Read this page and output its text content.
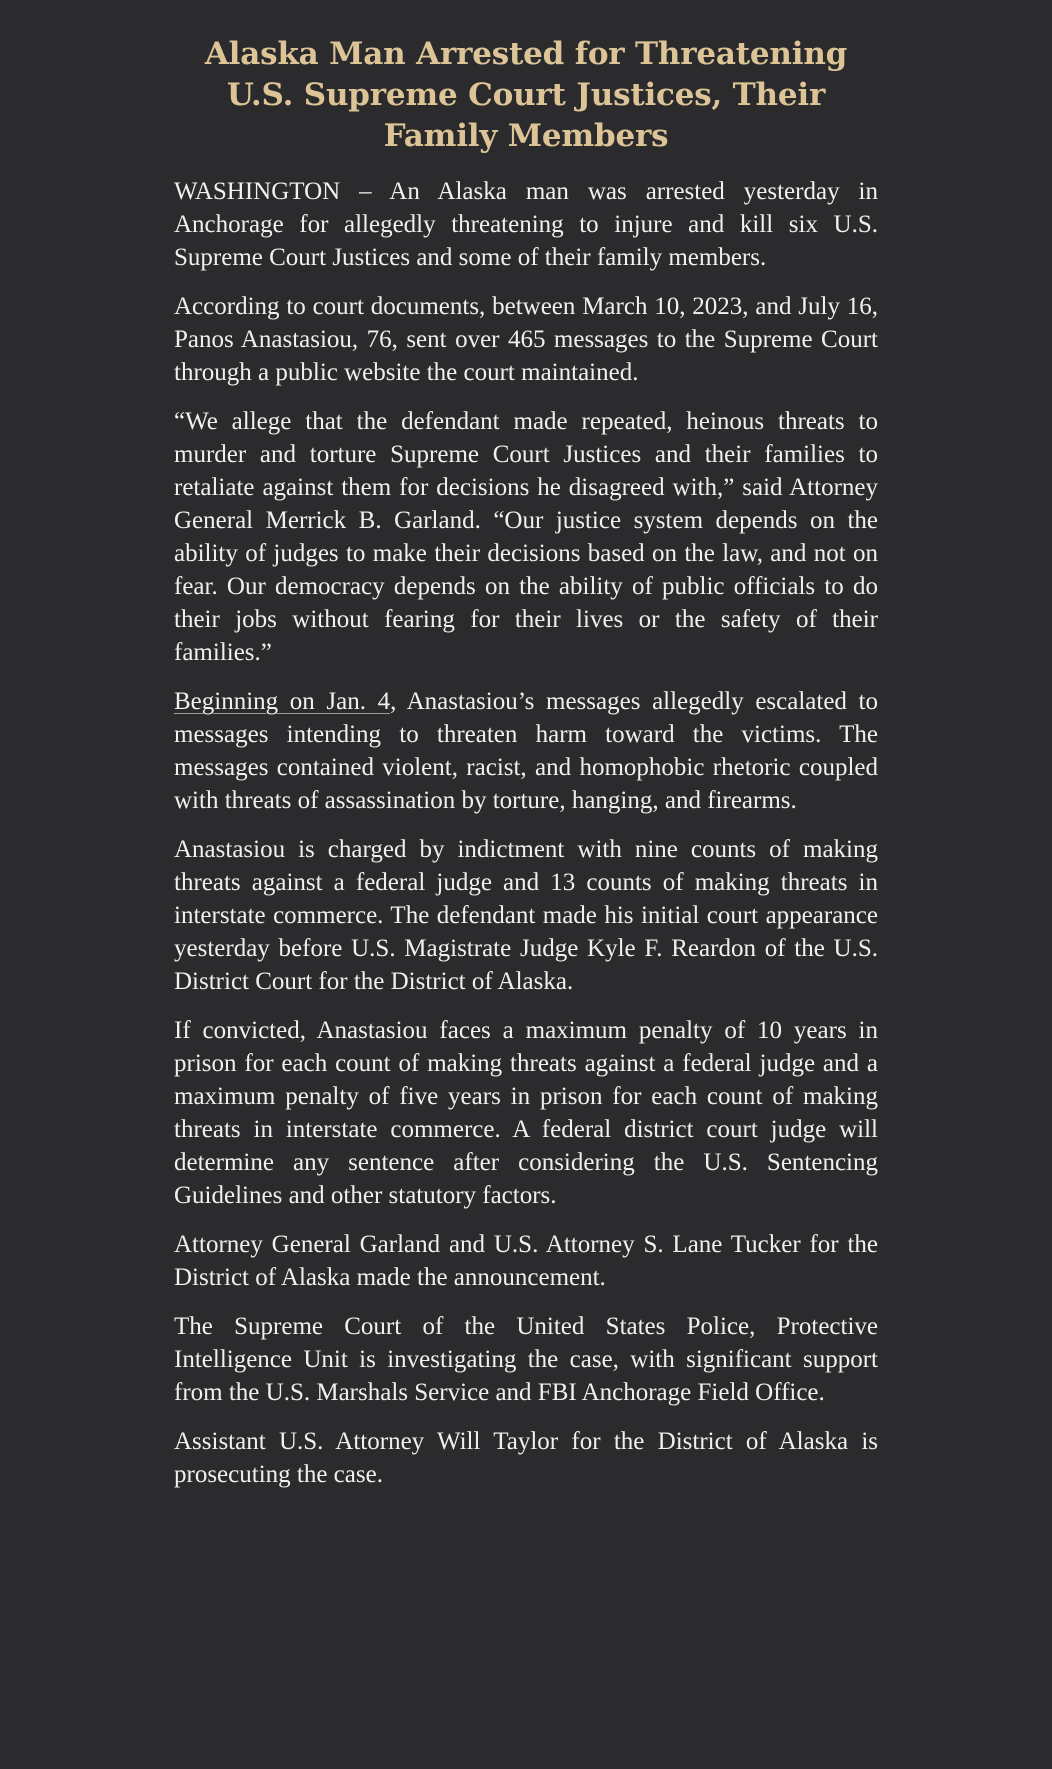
Alaska Man Arrested for Threatening U.S. Supreme Court Justices, Their Family Members

WASHINGTON – An Alaska man was arrested yesterday in Anchorage for allegedly threatening to injure and kill six U.S. Supreme Court Justices and some of their family members.

According to court documents, between March 10, 2023, and July 16, Panos Anastasiou, 76, sent over 465 messages to the Supreme Court through a public website the court maintained.

“We allege that the defendant made repeated, heinous threats to murder and torture Supreme Court Justices and their families to retaliate against them for decisions he disagreed with,” said Attorney General Merrick B. Garland. “Our justice system depends on the ability of judges to make their decisions based on the law, and not on fear. Our democracy depends on the ability of public officials to do their jobs without fearing for their lives or the safety of their families.”

Beginning on Jan. 4, Anastasiou’s messages allegedly escalated to messages intending to threaten harm toward the victims. The messages contained violent, racist, and homophobic rhetoric coupled with threats of assassination by torture, hanging, and firearms.

Anastasiou is charged by indictment with nine counts of making threats against a federal judge and 13 counts of making threats in interstate commerce. The defendant made his initial court appearance yesterday before U.S. Magistrate Judge Kyle F. Reardon of the U.S. District Court for the District of Alaska.

If convicted, Anastasiou faces a maximum penalty of 10 years in prison for each count of making threats against a federal judge and a maximum penalty of five years in prison for each count of making threats in interstate commerce. A federal district court judge will determine any sentence after considering the U.S. Sentencing Guidelines and other statutory factors.

Attorney General Garland and U.S. Attorney S. Lane Tucker for the District of Alaska made the announcement.

The Supreme Court of the United States Police, Protective Intelligence Unit is investigating the case, with significant support from the U.S. Marshals Service and FBI Anchorage Field Office.

Assistant U.S. Attorney Will Taylor for the District of Alaska is prosecuting the case.
